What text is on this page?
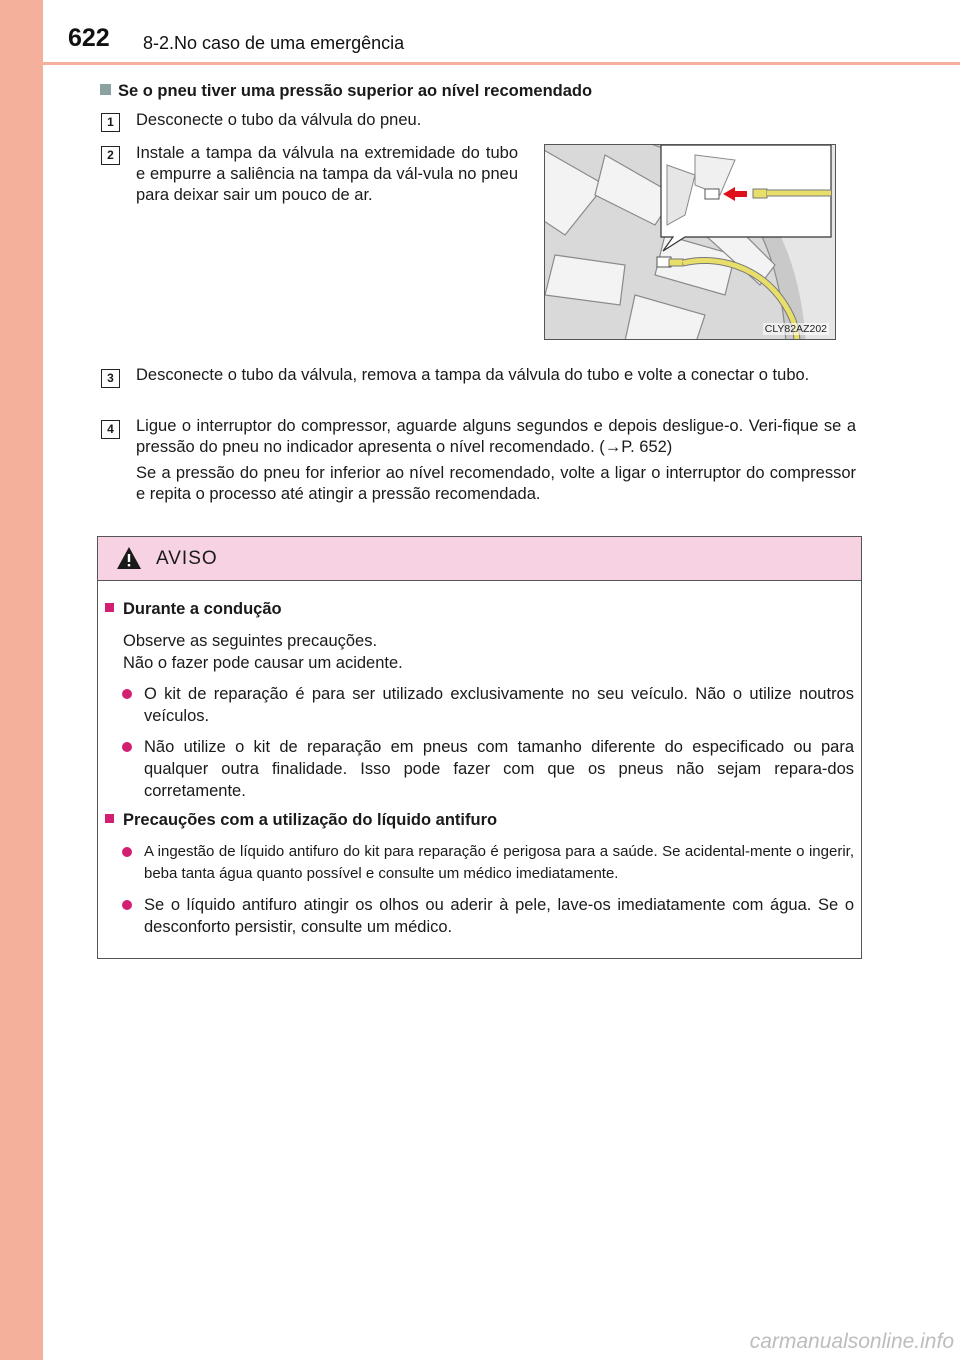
622 8-2.No caso de uma emergência
Se o pneu tiver uma pressão superior ao nível recomendado
1	Desconecte o tubo da válvula do pneu.
2	Instale a tampa da válvula na extremidade do tubo e empurre a saliência na tampa da vál-vula no pneu para deixar sair um pouco de ar.
CLY82AZ202
3	Desconecte o tubo da válvula, remova a tampa da válvula do tubo e volte a conectar o tubo.
4	Ligue o interruptor do compressor, aguarde alguns segundos e depois desligue-o. Veri-fique se a pressão do pneu no indicador apresenta o nível recomendado. (→P. 652)
Se a pressão do pneu for inferior ao nível recomendado, volte a ligar o interruptor do compressor e repita o processo até atingir a pressão recomendada.
AVISO
Durante a condução
Observe as seguintes precauções.
Não o fazer pode causar um acidente.
O kit de reparação é para ser utilizado exclusivamente no seu veículo. Não o utilize noutros veículos.
Não utilize o kit de reparação em pneus com tamanho diferente do especificado ou para qualquer outra finalidade. Isso pode fazer com que os pneus não sejam repara-dos corretamente.
Precauções com a utilização do líquido antifuro
A ingestão de líquido antifuro do kit para reparação é perigosa para a saúde. Se acidental-mente o ingerir, beba tanta água quanto possível e consulte um médico imediatamente.
Se o líquido antifuro atingir os olhos ou aderir à pele, lave-os imediatamente com água. Se o desconforto persistir, consulte um médico.
carmanualsonline.info
